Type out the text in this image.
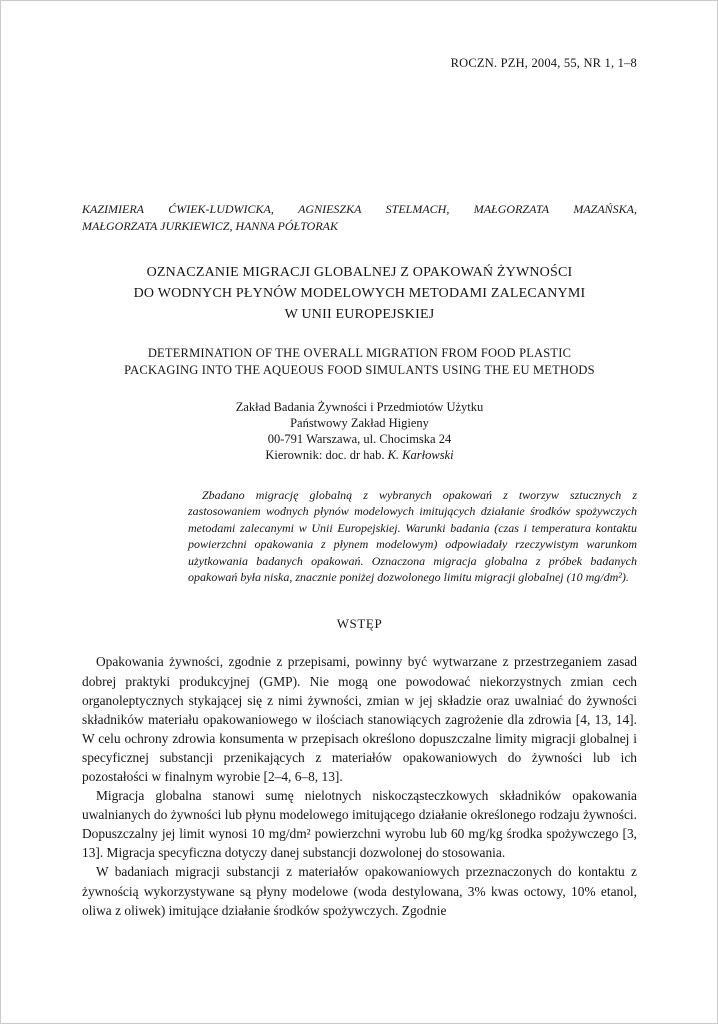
ROCZN. PZH, 2004, 55, NR 1, 1–8
KAZIMIERA ĆWIEK-LUDWICKA, AGNIESZKA STELMACH, MAŁGORZATA MAZAŃSKA,
MAŁGORZATA JURKIEWICZ, HANNA PÓŁTORAK
OZNACZANIE MIGRACJI GLOBALNEJ Z OPAKOWAŃ ŻYWNOŚCI
DO WODNYCH PŁYNÓW MODELOWYCH METODAMI ZALECANYMI
W UNII EUROPEJSKIEJ
DETERMINATION OF THE OVERALL MIGRATION FROM FOOD PLASTIC
PACKAGING INTO THE AQUEOUS FOOD SIMULANTS USING THE EU METHODS
Zakład Badania Żywności i Przedmiotów Użytku
Państwowy Zakład Higieny
00-791 Warszawa, ul. Chocimska 24
Kierownik: doc. dr hab. K. Karłowski
Zbadano migrację globalną z wybranych opakowań z tworzyw sztucznych z zastosowaniem wodnych płynów modelowych imitujących działanie środków spożywczych metodami zalecanymi w Unii Europejskiej. Warunki badania (czas i temperatura kontaktu powierzchni opakowania z płynem modelowym) odpowiadały rzeczywistym warunkom użytkowania badanych opakowań. Oznaczona migracja globalna z próbek badanych opakowań była niska, znacznie poniżej dozwolonego limitu migracji globalnej (10 mg/dm²).
WSTĘP

Opakowania żywności, zgodnie z przepisami, powinny być wytwarzane z przestrzeganiem zasad dobrej praktyki produkcyjnej (GMP). Nie mogą one powodować niekorzystnych zmian cech organoleptycznych stykającej się z nimi żywności, zmian w jej składzie oraz uwalniać do żywności składników materiału opakowaniowego w ilościach stanowiących zagrożenie dla zdrowia [4, 13, 14]. W celu ochrony zdrowia konsumenta w przepisach określono dopuszczalne limity migracji globalnej i specyficznej substancji przenikających z materiałów opakowaniowych do żywności lub ich pozostałości w finalnym wyrobie [2–4, 6–8, 13].

Migracja globalna stanowi sumę nielotnych niskocząsteczkowych składników opakowania uwalnianych do żywności lub płynu modelowego imitującego działanie określonego rodzaju żywności. Dopuszczalny jej limit wynosi 10 mg/dm² powierzchni wyrobu lub 60 mg/kg środka spożywczego [3, 13]. Migracja specyficzna dotyczy danej substancji dozwolonej do stosowania.

W badaniach migracji substancji z materiałów opakowaniowych przeznaczonych do kontaktu z żywnością wykorzystywane są płyny modelowe (woda destylowana, 3% kwas octowy, 10% etanol, oliwa z oliwek) imitujące działanie środków spożywczych. Zgodnie
